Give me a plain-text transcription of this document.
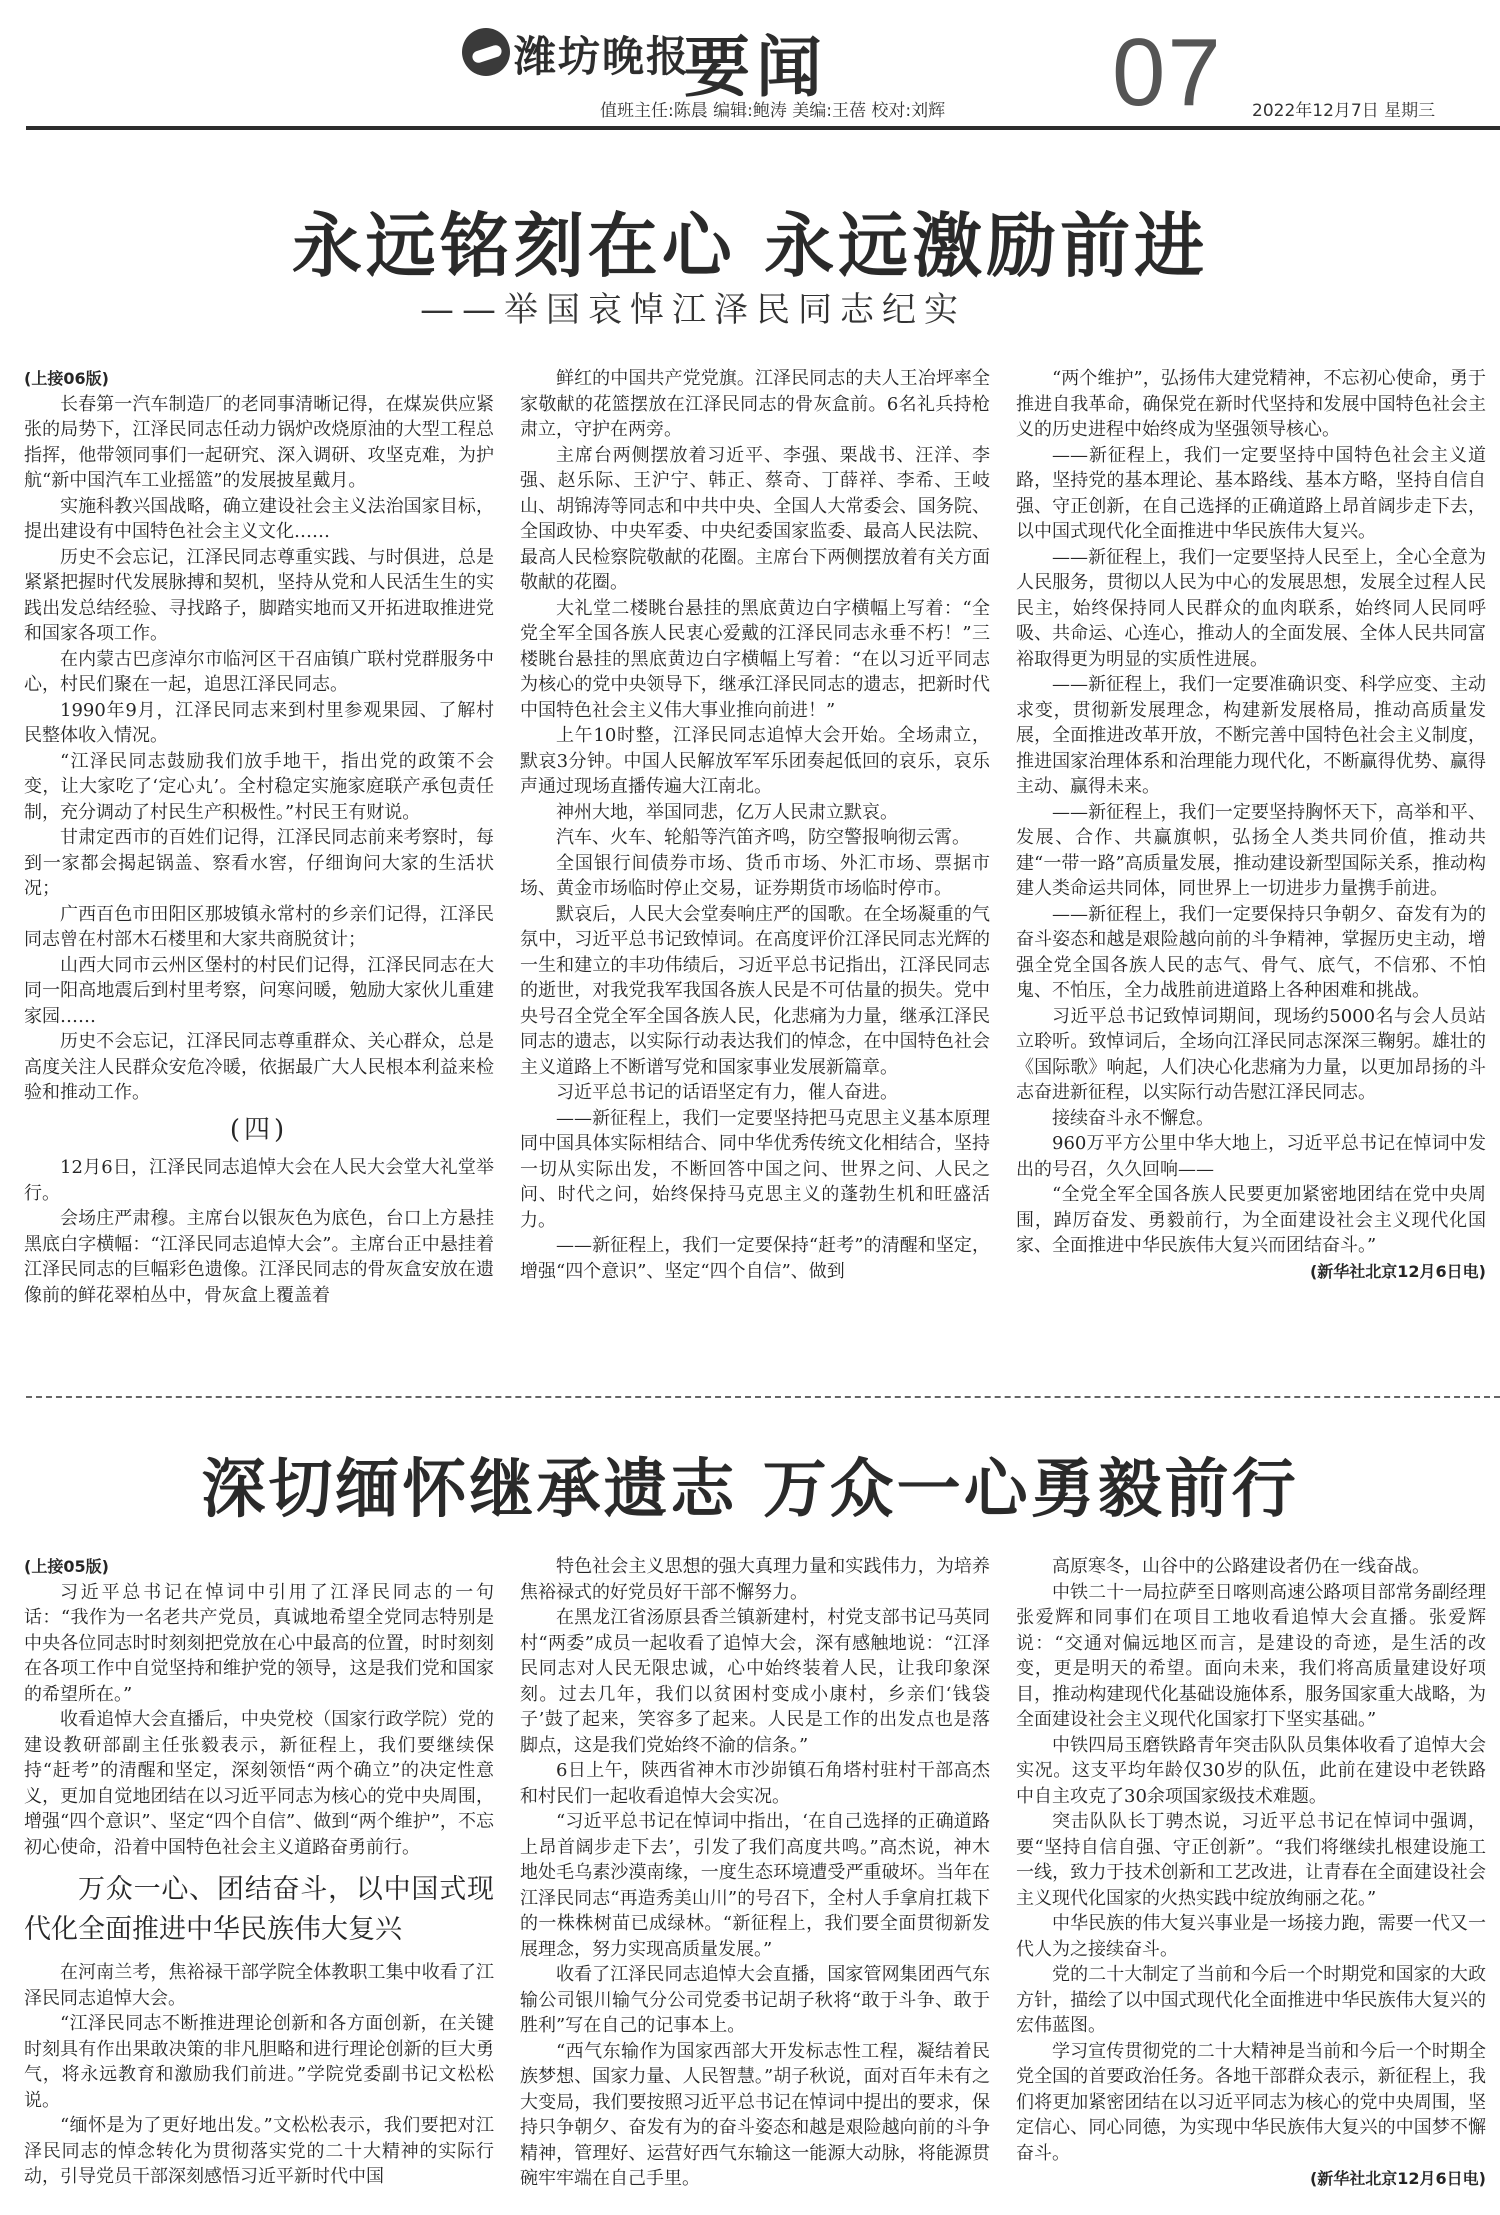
潍坊晚报
要闻	07
值班主任:陈晨 编辑:鲍涛 美编:王蓓 校对:刘辉	2022年12月7日 星期三
永远铭刻在心 永远激励前进
——举国哀悼江泽民同志纪实

(上接06版)

长春第一汽车制造厂的老同事清晰记得，在煤炭供应紧张的局势下，江泽民同志任动力锅炉改烧原油的大型工程总指挥，他带领同事们一起研究、深入调研、攻坚克难，为护航“新中国汽车工业摇篮”的发展披星戴月。

实施科教兴国战略，确立建设社会主义法治国家目标，提出建设有中国特色社会主义文化……

历史不会忘记，江泽民同志尊重实践、与时俱进，总是紧紧把握时代发展脉搏和契机，坚持从党和人民活生生的实践出发总结经验、寻找路子，脚踏实地而又开拓进取推进党和国家各项工作。

在内蒙古巴彦淖尔市临河区干召庙镇广联村党群服务中心，村民们聚在一起，追思江泽民同志。

1990年9月，江泽民同志来到村里参观果园、了解村民整体收入情况。

“江泽民同志鼓励我们放手地干，指出党的政策不会变，让大家吃了‘定心丸’。全村稳定实施家庭联产承包责任制，充分调动了村民生产积极性。”村民王有财说。

甘肃定西市的百姓们记得，江泽民同志前来考察时，每到一家都会揭起锅盖、察看水窖，仔细询问大家的生活状况；

广西百色市田阳区那坡镇永常村的乡亲们记得，江泽民同志曾在村部木石楼里和大家共商脱贫计；

山西大同市云州区堡村的村民们记得，江泽民同志在大同一阳高地震后到村里考察，问寒问暖，勉励大家伙儿重建家园……

历史不会忘记，江泽民同志尊重群众、关心群众，总是高度关注人民群众安危冷暖，依据最广大人民根本利益来检验和推动工作。

(四)

12月6日，江泽民同志追悼大会在人民大会堂大礼堂举行。

会场庄严肃穆。主席台以银灰色为底色，台口上方悬挂黑底白字横幅：“江泽民同志追悼大会”。主席台正中悬挂着江泽民同志的巨幅彩色遗像。江泽民同志的骨灰盒安放在遗像前的鲜花翠柏丛中，骨灰盒上覆盖着

鲜红的中国共产党党旗。江泽民同志的夫人王冶坪率全家敬献的花篮摆放在江泽民同志的骨灰盒前。6名礼兵持枪肃立，守护在两旁。

主席台两侧摆放着习近平、李强、栗战书、汪洋、李强、赵乐际、王沪宁、韩正、蔡奇、丁薛祥、李希、王岐山、胡锦涛等同志和中共中央、全国人大常委会、国务院、全国政协、中央军委、中央纪委国家监委、最高人民法院、最高人民检察院敬献的花圈。主席台下两侧摆放着有关方面敬献的花圈。

大礼堂二楼眺台悬挂的黑底黄边白字横幅上写着：“全党全军全国各族人民衷心爱戴的江泽民同志永垂不朽！”三楼眺台悬挂的黑底黄边白字横幅上写着：“在以习近平同志为核心的党中央领导下，继承江泽民同志的遗志，把新时代中国特色社会主义伟大事业推向前进！”

上午10时整，江泽民同志追悼大会开始。全场肃立，默哀3分钟。中国人民解放军军乐团奏起低回的哀乐，哀乐声通过现场直播传遍大江南北。

神州大地，举国同悲，亿万人民肃立默哀。

汽车、火车、轮船等汽笛齐鸣，防空警报响彻云霄。

全国银行间债券市场、货币市场、外汇市场、票据市场、黄金市场临时停止交易，证券期货市场临时停市。

默哀后，人民大会堂奏响庄严的国歌。在全场凝重的气氛中，习近平总书记致悼词。在高度评价江泽民同志光辉的一生和建立的丰功伟绩后，习近平总书记指出，江泽民同志的逝世，对我党我军我国各族人民是不可估量的损失。党中央号召全党全军全国各族人民，化悲痛为力量，继承江泽民同志的遗志，以实际行动表达我们的悼念，在中国特色社会主义道路上不断谱写党和国家事业发展新篇章。

习近平总书记的话语坚定有力，催人奋进。

——新征程上，我们一定要坚持把马克思主义基本原理同中国具体实际相结合、同中华优秀传统文化相结合，坚持一切从实际出发，不断回答中国之问、世界之问、人民之问、时代之问，始终保持马克思主义的蓬勃生机和旺盛活力。

——新征程上，我们一定要保持“赶考”的清醒和坚定，增强“四个意识”、坚定“四个自信”、做到

“两个维护”，弘扬伟大建党精神，不忘初心使命，勇于推进自我革命，确保党在新时代坚持和发展中国特色社会主义的历史进程中始终成为坚强领导核心。

——新征程上，我们一定要坚持中国特色社会主义道路，坚持党的基本理论、基本路线、基本方略，坚持自信自强、守正创新，在自己选择的正确道路上昂首阔步走下去，以中国式现代化全面推进中华民族伟大复兴。

——新征程上，我们一定要坚持人民至上，全心全意为人民服务，贯彻以人民为中心的发展思想，发展全过程人民民主，始终保持同人民群众的血肉联系，始终同人民同呼吸、共命运、心连心，推动人的全面发展、全体人民共同富裕取得更为明显的实质性进展。

——新征程上，我们一定要准确识变、科学应变、主动求变，贯彻新发展理念，构建新发展格局，推动高质量发展，全面推进改革开放，不断完善中国特色社会主义制度，推进国家治理体系和治理能力现代化，不断赢得优势、赢得主动、赢得未来。

——新征程上，我们一定要坚持胸怀天下，高举和平、发展、合作、共赢旗帜，弘扬全人类共同价值，推动共建“一带一路”高质量发展，推动建设新型国际关系，推动构建人类命运共同体，同世界上一切进步力量携手前进。

——新征程上，我们一定要保持只争朝夕、奋发有为的奋斗姿态和越是艰险越向前的斗争精神，掌握历史主动，增强全党全国各族人民的志气、骨气、底气，不信邪、不怕鬼、不怕压，全力战胜前进道路上各种困难和挑战。

习近平总书记致悼词期间，现场约5000名与会人员站立聆听。致悼词后，全场向江泽民同志深深三鞠躬。雄壮的《国际歌》响起，人们决心化悲痛为力量，以更加昂扬的斗志奋进新征程，以实际行动告慰江泽民同志。

接续奋斗永不懈怠。

960万平方公里中华大地上，习近平总书记在悼词中发出的号召，久久回响——

“全党全军全国各族人民要更加紧密地团结在党中央周围，踔厉奋发、勇毅前行，为全面建设社会主义现代化国家、全面推进中华民族伟大复兴而团结奋斗。”

(新华社北京12月6日电)

深切缅怀继承遗志 万众一心勇毅前行

(上接05版)

习近平总书记在悼词中引用了江泽民同志的一句话：“我作为一名老共产党员，真诚地希望全党同志特别是中央各位同志时时刻刻把党放在心中最高的位置，时时刻刻在各项工作中自觉坚持和维护党的领导，这是我们党和国家的希望所在。”

收看追悼大会直播后，中央党校（国家行政学院）党的建设教研部副主任张毅表示，新征程上，我们要继续保持“赶考”的清醒和坚定，深刻领悟“两个确立”的决定性意义，更加自觉地团结在以习近平同志为核心的党中央周围，增强“四个意识”、坚定“四个自信”、做到“两个维护”，不忘初心使命，沿着中国特色社会主义道路奋勇前行。

万众一心、团结奋斗，以中国式现代化全面推进中华民族伟大复兴

在河南兰考，焦裕禄干部学院全体教职工集中收看了江泽民同志追悼大会。

“江泽民同志不断推进理论创新和各方面创新，在关键时刻具有作出果敢决策的非凡胆略和进行理论创新的巨大勇气，将永远教育和激励我们前进。”学院党委副书记文松松说。

“缅怀是为了更好地出发。”文松松表示，我们要把对江泽民同志的悼念转化为贯彻落实党的二十大精神的实际行动，引导党员干部深刻感悟习近平新时代中国

特色社会主义思想的强大真理力量和实践伟力，为培养焦裕禄式的好党员好干部不懈努力。

在黑龙江省汤原县香兰镇新建村，村党支部书记马英同村“两委”成员一起收看了追悼大会，深有感触地说：“江泽民同志对人民无限忠诚，心中始终装着人民，让我印象深刻。过去几年，我们以贫困村变成小康村，乡亲们‘钱袋子’鼓了起来，笑容多了起来。人民是工作的出发点也是落脚点，这是我们党始终不渝的信条。”

6日上午，陕西省神木市沙峁镇石角塔村驻村干部高杰和村民们一起收看追悼大会实况。

“习近平总书记在悼词中指出，‘在自己选择的正确道路上昂首阔步走下去’，引发了我们高度共鸣。”高杰说，神木地处毛乌素沙漠南缘，一度生态环境遭受严重破坏。当年在江泽民同志“再造秀美山川”的号召下，全村人手拿肩扛栽下的一株株树苗已成绿林。“新征程上，我们要全面贯彻新发展理念，努力实现高质量发展。”

收看了江泽民同志追悼大会直播，国家管网集团西气东输公司银川输气分公司党委书记胡子秋将“敢于斗争、敢于胜利”写在自己的记事本上。

“西气东输作为国家西部大开发标志性工程，凝结着民族梦想、国家力量、人民智慧。”胡子秋说，面对百年未有之大变局，我们要按照习近平总书记在悼词中提出的要求，保持只争朝夕、奋发有为的奋斗姿态和越是艰险越向前的斗争精神，管理好、运营好西气东输这一能源大动脉，将能源贯碗牢牢端在自己手里。

高原寒冬，山谷中的公路建设者仍在一线奋战。

中铁二十一局拉萨至日喀则高速公路项目部常务副经理张爱辉和同事们在项目工地收看追悼大会直播。张爱辉说：“交通对偏远地区而言，是建设的奇迹，是生活的改变，更是明天的希望。面向未来，我们将高质量建设好项目，推动构建现代化基础设施体系，服务国家重大战略，为全面建设社会主义现代化国家打下坚实基础。”

中铁四局玉磨铁路青年突击队队员集体收看了追悼大会实况。这支平均年龄仅30岁的队伍，此前在建设中老铁路中自主攻克了30余项国家级技术难题。

突击队队长丁骋杰说，习近平总书记在悼词中强调，要“坚持自信自强、守正创新”。“我们将继续扎根建设施工一线，致力于技术创新和工艺改进，让青春在全面建设社会主义现代化国家的火热实践中绽放绚丽之花。”

中华民族的伟大复兴事业是一场接力跑，需要一代又一代人为之接续奋斗。

党的二十大制定了当前和今后一个时期党和国家的大政方针，描绘了以中国式现代化全面推进中华民族伟大复兴的宏伟蓝图。

学习宣传贯彻党的二十大精神是当前和今后一个时期全党全国的首要政治任务。各地干部群众表示，新征程上，我们将更加紧密团结在以习近平同志为核心的党中央周围，坚定信心、同心同德，为实现中华民族伟大复兴的中国梦不懈奋斗。

(新华社北京12月6日电)
